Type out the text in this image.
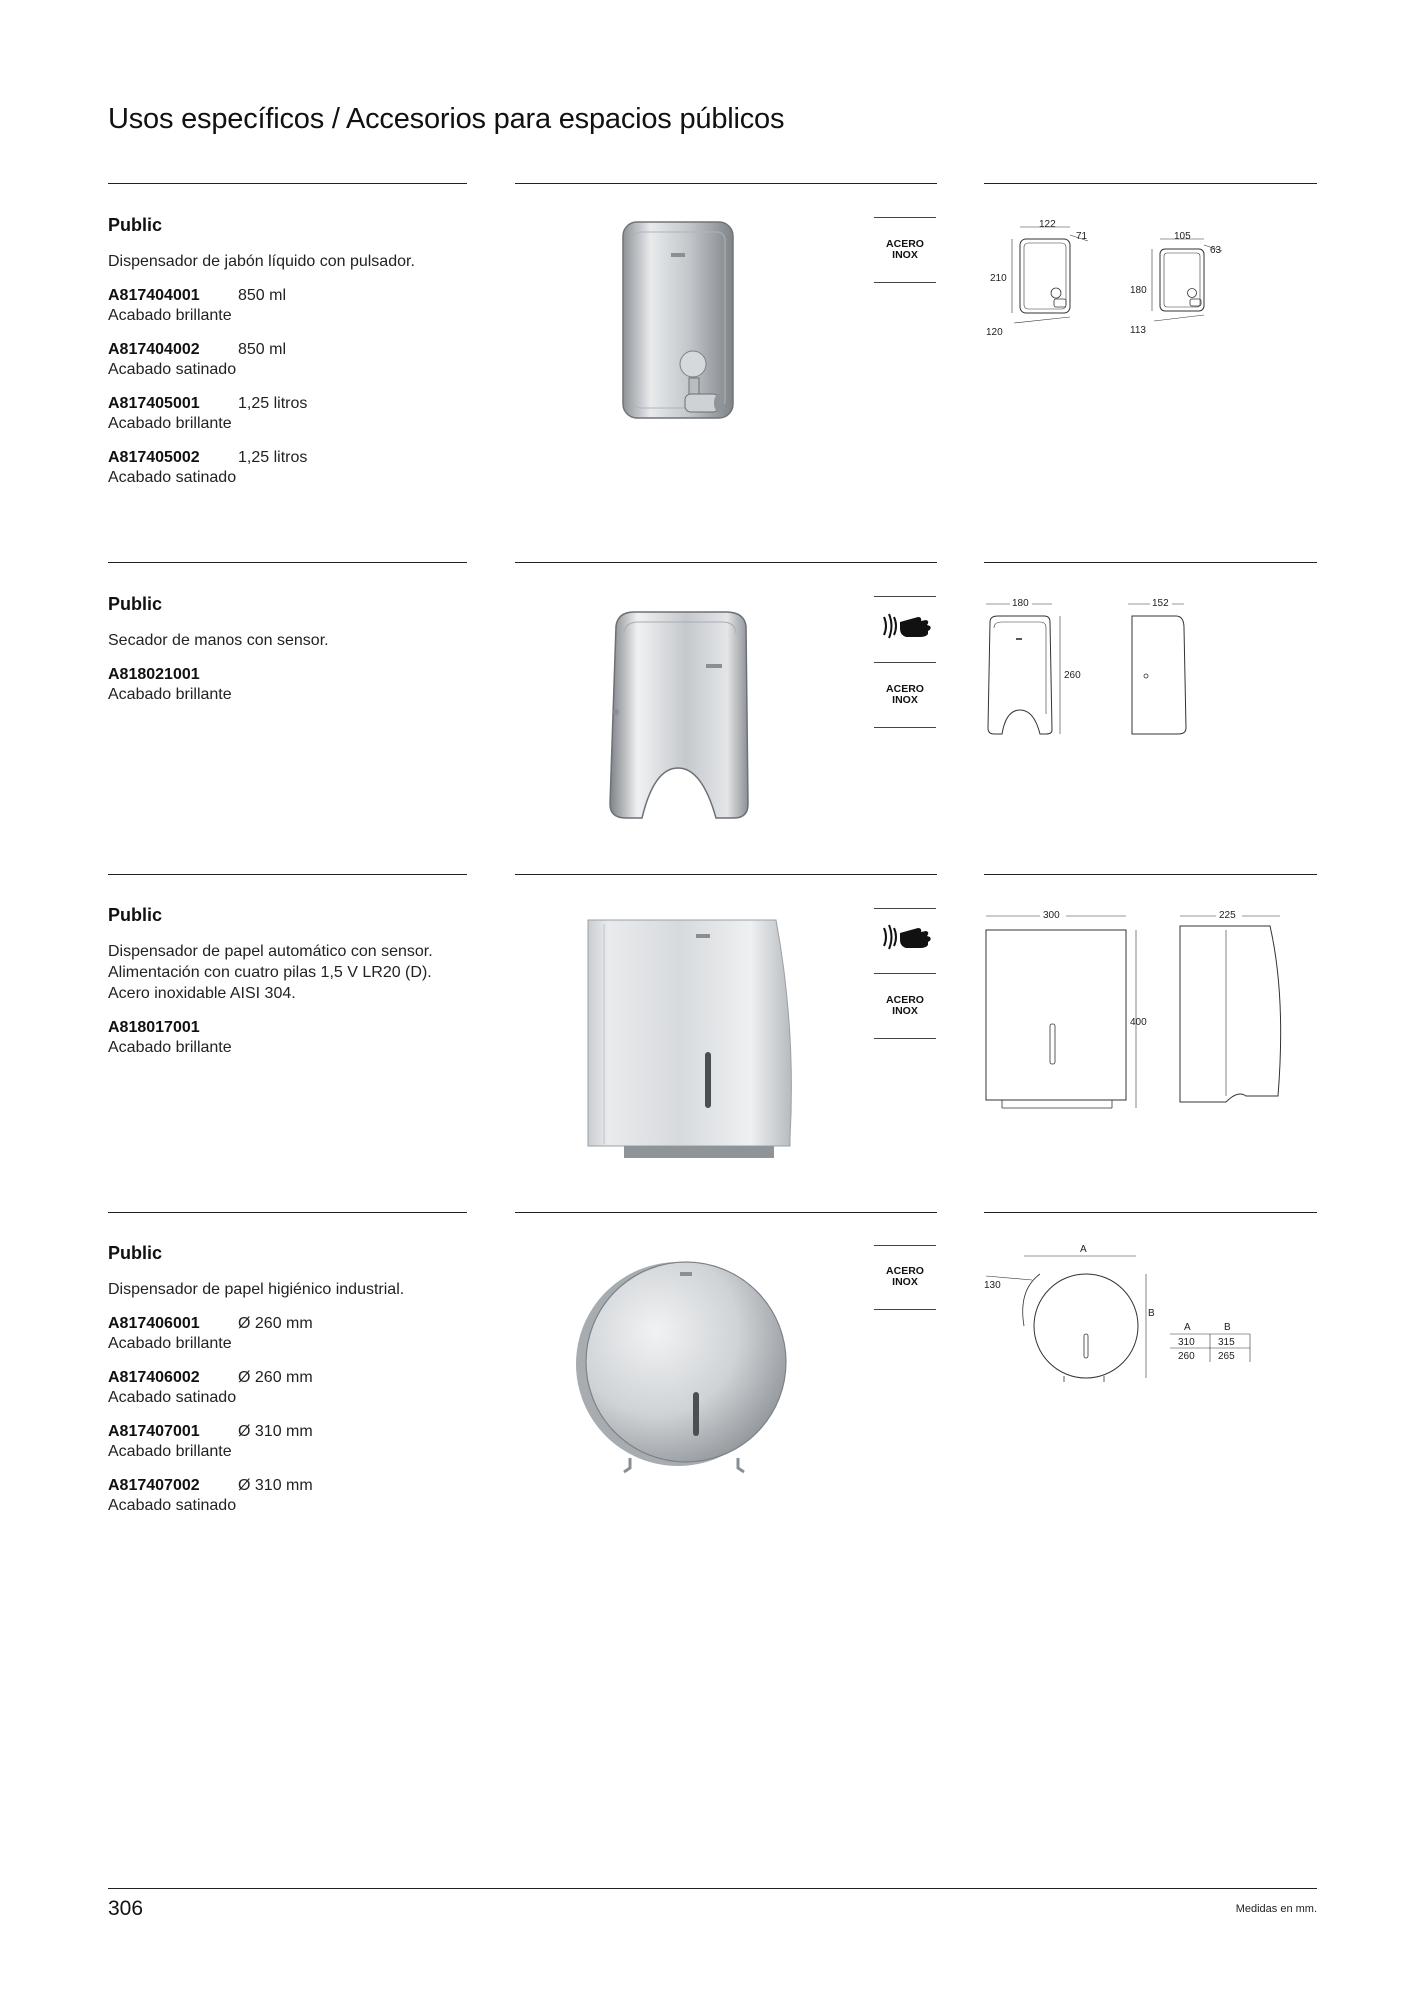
Usos específicos / Accesorios para espacios públicos
Public
Dispensador de jabón líquido con pulsador.
A817404001 850 ml
Acabado brillante
A817404002 850 ml
Acabado satinado
A817405001 1,25 litros
Acabado brillante
A817405002 1,25 litros
Acabado satinado
ACERO
INOX
122
71
210
120
105
63
180
113
Public
Secador de manos con sensor.
A818021001
Acabado brillante	ACERO
INOX
180
260
152
Public
Dispensador de papel automático con sensor.
Alimentación con cuatro pilas 1,5 V LR20 (D).
Acero inoxidable AISI 304.
A818017001
Acabado brillante
ACERO
INOX
300
400
225
Public
Dispensador de papel higiénico industrial.
A817406001 Ø 260 mm
Acabado brillante
A817406002 Ø 260 mm
Acabado satinado
A817407001 Ø 310 mm
Acabado brillante
A817407002 Ø 310 mm
Acabado satinado
ACERO
INOX
A
130
B
A	B
310 315
260 265
306	Medidas en mm.
